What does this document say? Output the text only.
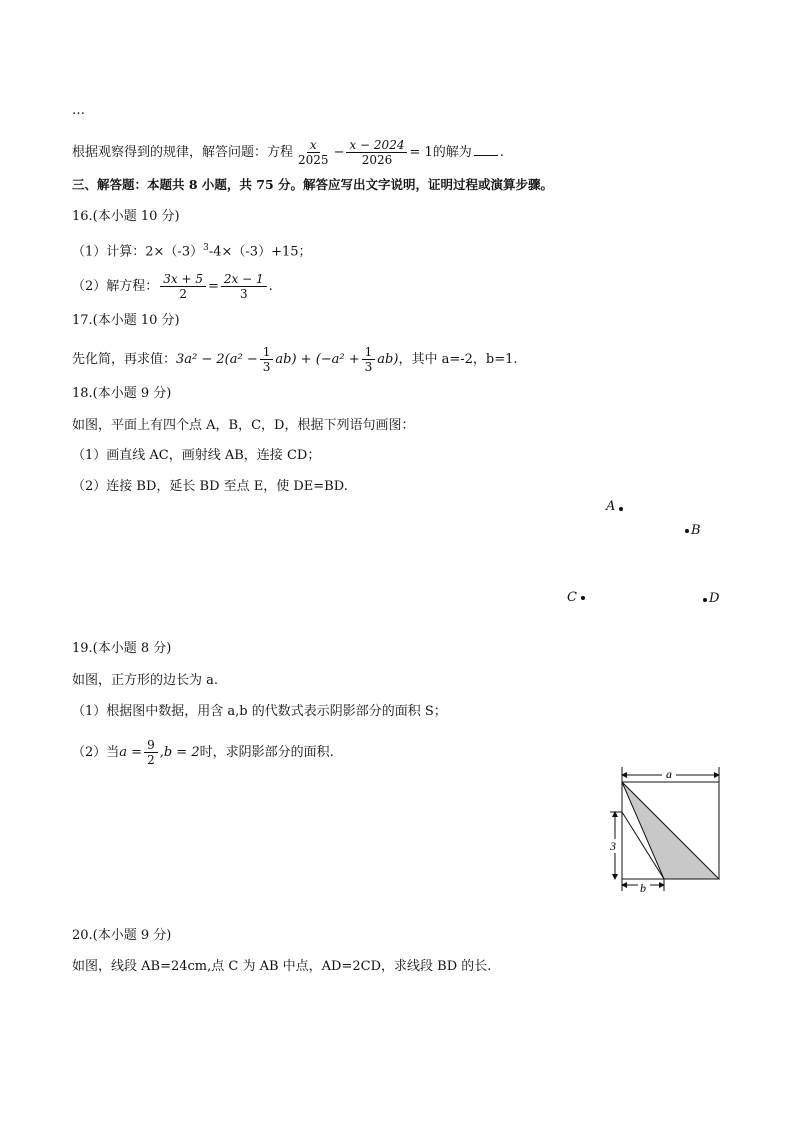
…
根据观察得到的规律，解答问题：方程 $\frac{x}{2025} - \frac{x - 2024}{2026} = 1$的解为 .
三、解答题：本题共 8 小题，共 75 分。解答应写出文字说明，证明过程或演算步骤。
16.(本小题 10 分)
（1）计算：$2\times(-3)^3-4\times(-3)+15$；
（2）解方程： $\frac{3x + 5}{2} = \frac{2x - 1}{3}$ .
17.(本小题 10 分)
先化简，再求值：$3a^2 - 2(a^2 - \frac{1}{3} ab) + (-a^2 + \frac{1}{3} ab)$，其中 a=-2，b=1.
18.(本小题 9 分)
如图，平面上有四个点 A，B，C，D，根据下列语句画图：
（1）画直线 AC，画射线 AB，连接 CD；
（2）连接 BD，延长 BD 至点 E，使 DE=BD.
A
B
C	D
19.(本小题 8 分)
如图，正方形的边长为 a.
（1）根据图中数据，用含 a,b 的代数式表示阴影部分的面积 S；
（2）当$a = \frac{9}{2} ,b = 2$时，求阴影部分的面积.
a
3
b
20.(本小题 9 分)
如图，线段 AB=24cm,点 C 为 AB 中点，AD=2CD，求线段 BD 的长.
